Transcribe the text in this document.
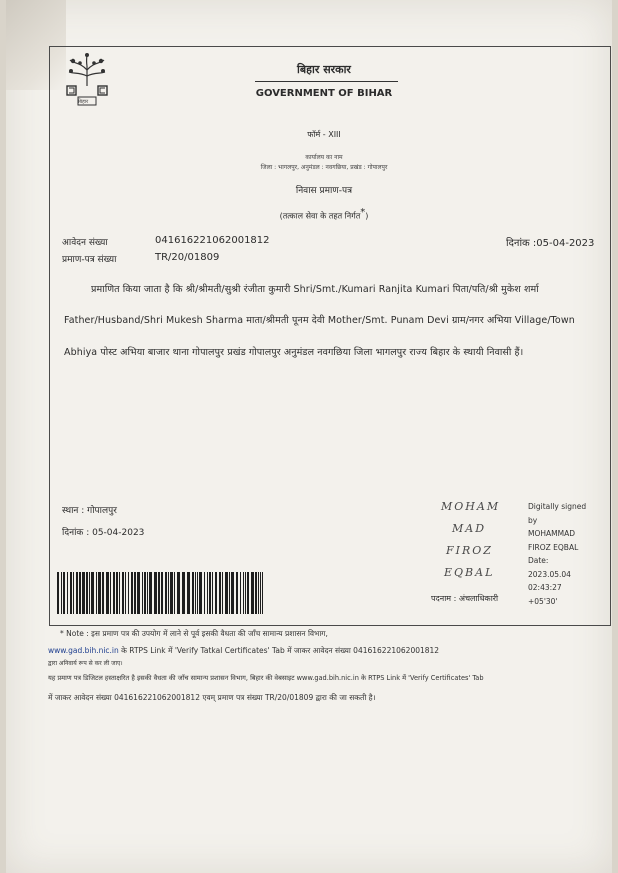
बिहार
बिहार सरकार
GOVERNMENT OF BIHAR
फॉर्म - XIII
कार्यालय का नाम
जिला : भागलपुर, अनुमंडल : नवगछिया, प्रखंड : गोपालपुर
निवास प्रमाण-पत्र
(तत्काल सेवा के तहत निर्गत*)
आवेदन संख्या	041616221062001812	दिनांक :05-04-2023
प्रमाण-पत्र संख्या	TR/20/01809
प्रमाणित किया जाता है कि श्री/श्रीमती/सुश्री रंजीता कुमारी Shri/Smt./Kumari Ranjita Kumari पिता/पति/श्री मुकेश शर्मा
Father/Husband/Shri Mukesh Sharma माता/श्रीमती पूनम देवी Mother/Smt. Punam Devi ग्राम/नगर अभिया Village/Town
Abhiya पोस्ट अभिया बाजार थाना गोपालपुर प्रखंड गोपालपुर अनुमंडल नवगछिया जिला भागलपुर राज्य बिहार के स्थायी निवासी हैं।
स्थान : गोपालपुर
दिनांक : 05-04-2023
MOHAM
MAD
FIROZ
EQBAL
Digitally signed
by
MOHAMMAD
FIROZ EQBAL
Date:
2023.05.04
02:43:27
+05'30'
पदनाम : अंचलाधिकारी
* Note : इस प्रमाण पत्र की उपयोग में लाने से पूर्व इसकी वैधता की जाँच सामान्य प्रशासन विभाग,
www.gad.bih.nic.in के RTPS Link में 'Verify Tatkal Certificates' Tab में जाकर आवेदन संख्या 041616221062001812
द्वारा अनिवार्य रूप से कर ली जाए।
यह प्रमाण पत्र डिजिटल हस्ताक्षरित है इसकी वैधता की जाँच सामान्य प्रशासन विभाग, बिहार की वेबसाइट www.gad.bih.nic.in के RTPS Link में 'Verify Certificates' Tab
में जाकर आवेदन संख्या 041616221062001812 एवम् प्रमाण पत्र संख्या TR/20/01809 द्वारा की जा सकती है।
